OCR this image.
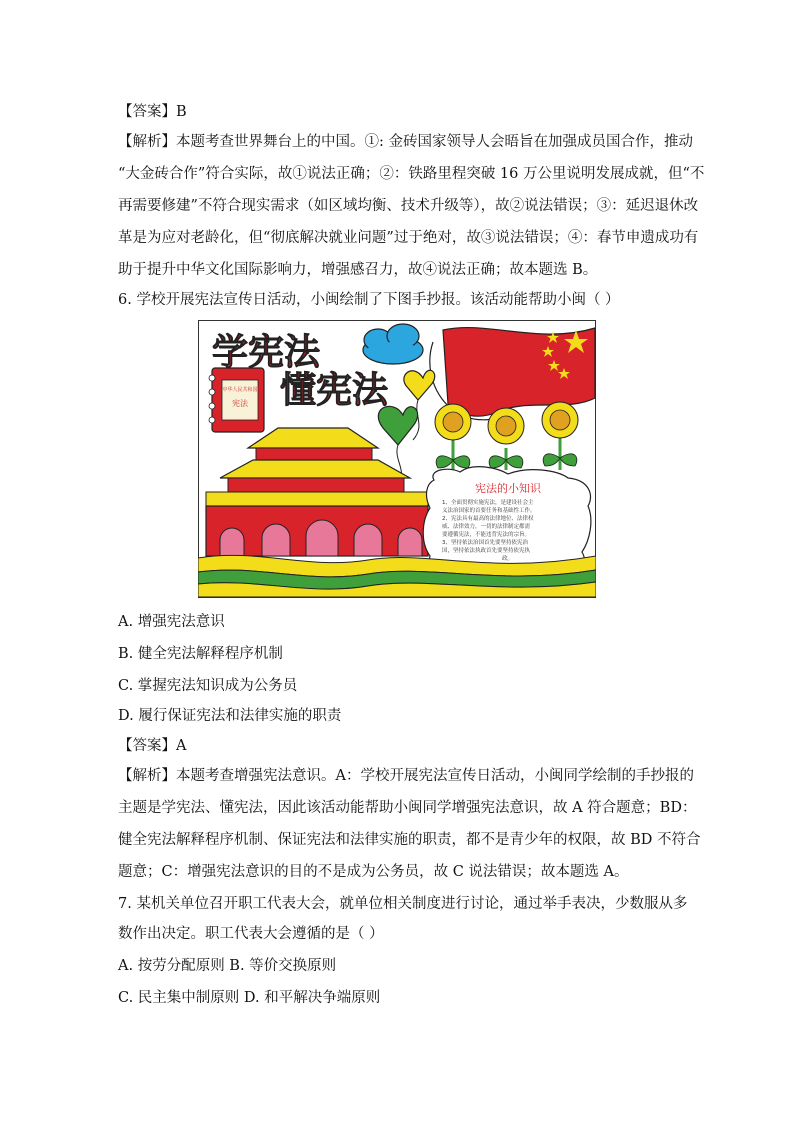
【答案】B
【解析】本题考查世界舞台上的中国。①: 金砖国家领导人会晤旨在加强成员国合作，推动
“大金砖合作”符合实际，故①说法正确；②：铁路里程突破 16 万公里说明发展成就，但“不
再需要修建”不符合现实需求（如区域均衡、技术升级等），故②说法错误；③：延迟退休改
革是为应对老龄化，但“彻底解决就业问题”过于绝对，故③说法错误；④：春节申遗成功有
助于提升中华文化国际影响力，增强感召力，故④说法正确；故本题选 B。
6. 学校开展宪法宣传日活动，小闽绘制了下图手抄报。该活动能帮助小闽（ ）
中华人民共和国
宪法
学宪法
懂宪法
宪法的小知识
1、全面贯彻实施宪法，是建设社会主
义法治国家的首要任务和基础性工作。
2、宪法具有最高的法律地位、法律权
威、法律效力。一切的法律制定都需
要遵循宪法，不能违背宪法的宗旨。
3、坚持依法治国首先要坚持依宪治
国，坚持依法执政首先要坚持依宪执
政。
A. 增强宪法意识
B. 健全宪法解释程序机制
C. 掌握宪法知识成为公务员
D. 履行保证宪法和法律实施的职责
【答案】A
【解析】本题考查增强宪法意识。A：学校开展宪法宣传日活动，小闽同学绘制的手抄报的
主题是学宪法、懂宪法，因此该活动能帮助小闽同学增强宪法意识，故 A 符合题意；BD：
健全宪法解释程序机制、保证宪法和法律实施的职责，都不是青少年的权限，故 BD 不符合
题意；C：增强宪法意识的目的不是成为公务员，故 C 说法错误；故本题选 A。
7. 某机关单位召开职工代表大会，就单位相关制度进行讨论，通过举手表决，少数服从多
数作出决定。职工代表大会遵循的是（ ）
A. 按劳分配原则 B. 等价交换原则
C. 民主集中制原则 D. 和平解决争端原则
